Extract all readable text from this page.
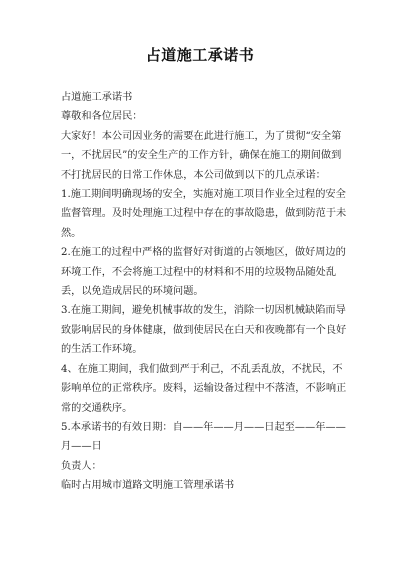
占道施工承诺书

占道施工承诺书

尊敬和各位居民：

大家好！本公司因业务的需要在此进行施工，为了贯彻“安全第一，不扰居民”的安全生产的工作方针，确保在施工的期间做到不打扰居民的日常工作休息，本公司做到以下的几点承诺：

1.施工期间明确现场的安全，实施对施工项目作业全过程的安全监督管理。及时处理施工过程中存在的事故隐患，做到防范于未然。

2.在施工的过程中严格的监督好对街道的占领地区，做好周边的环境工作，不会将施工过程中的材料和不用的垃圾物品随处乱丢，以免造成居民的环境问题。

3.在施工期间，避免机械事故的发生，消除一切因机械缺陷而导致影响居民的身体健康，做到使居民在白天和夜晚都有一个良好的生活工作环境。

4、在施工期间，我们做到严于利己，不乱丢乱放，不扰民，不影响单位的正常秩序。废料，运输设备过程中不落渣，不影响正常的交通秩序。

5.本承诺书的有效日期：自——年——月——日起至——年——月——日

负责人：

临时占用城市道路文明施工管理承诺书
